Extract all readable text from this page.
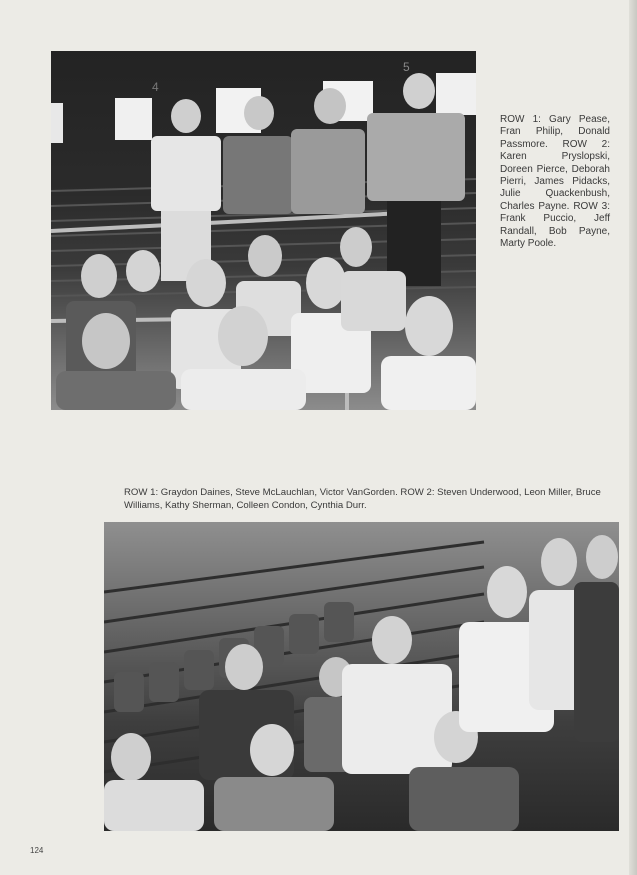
4
5
ROW 1: Gary Pease, Fran Philip, Donald Passmore. ROW 2: Karen Pryslopski, Doreen Pierce, Deborah Pierri, James Pidacks, Julie Quackenbush, Charles Payne. ROW 3: Frank Puccio, Jeff Randall, Bob Payne, Marty Poole.
ROW 1: Graydon Daines, Steve McLauchlan, Victor VanGorden. ROW 2: Steven Underwood, Leon Miller, Bruce Williams, Kathy Sherman, Colleen Condon, Cynthia Durr.
124
